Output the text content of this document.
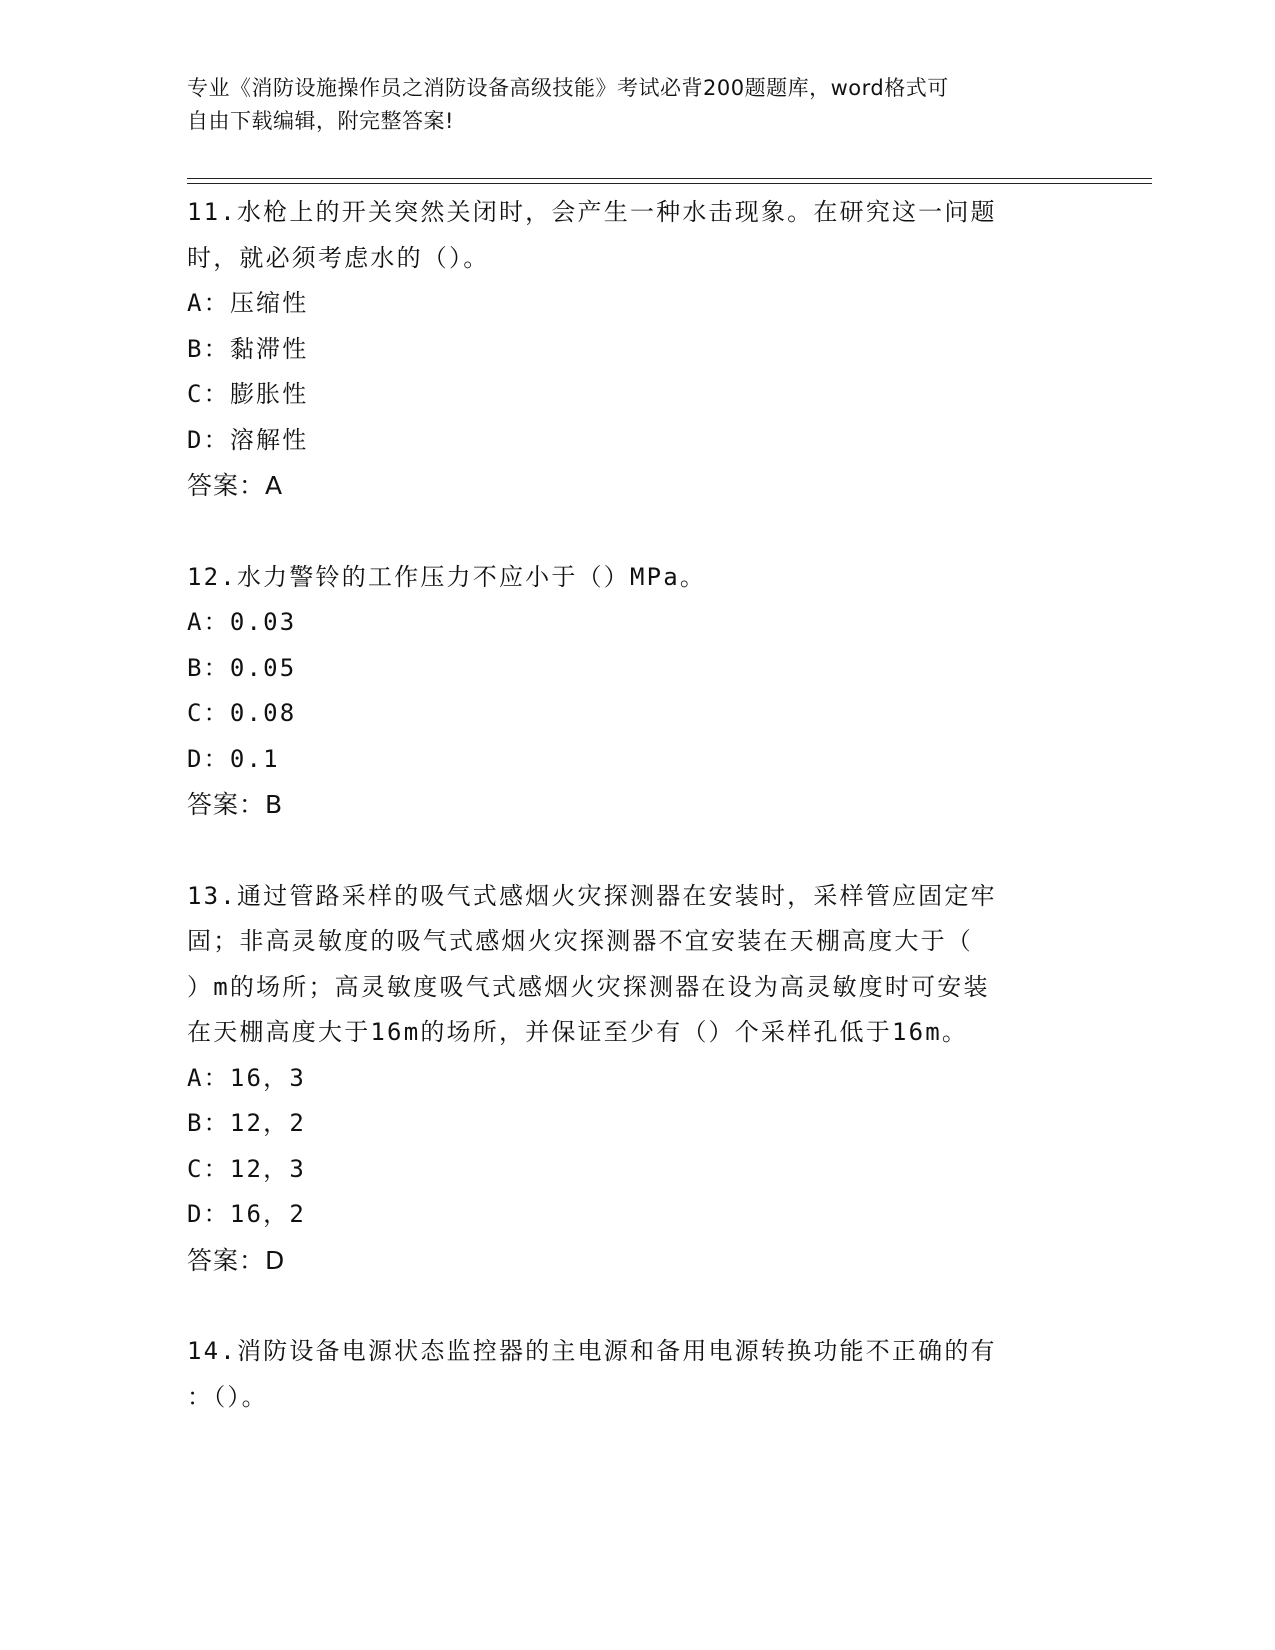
专业《消防设施操作员之消防设备高级技能》考试必背200题题库，word格式可
自由下载编辑，附完整答案!
11.水枪上的开关突然关闭时，会产生一种水击现象。在研究这一问题
时，就必须考虑水的（）。
A：压缩性
B：黏滞性
C：膨胀性
D：溶解性
答案：A
12.水力警铃的工作压力不应小于（）MPa。
A：0.03
B：0.05
C：0.08
D：0.1
答案：B
13.通过管路采样的吸气式感烟火灾探测器在安装时，采样管应固定牢
固；非高灵敏度的吸气式感烟火灾探测器不宜安装在天棚高度大于（
）m的场所；高灵敏度吸气式感烟火灾探测器在设为高灵敏度时可安装
在天棚高度大于16m的场所，并保证至少有（）个采样孔低于16m。
A：16，3
B：12，2
C：12，3
D：16，2
答案：D
14.消防设备电源状态监控器的主电源和备用电源转换功能不正确的有
：（）。
